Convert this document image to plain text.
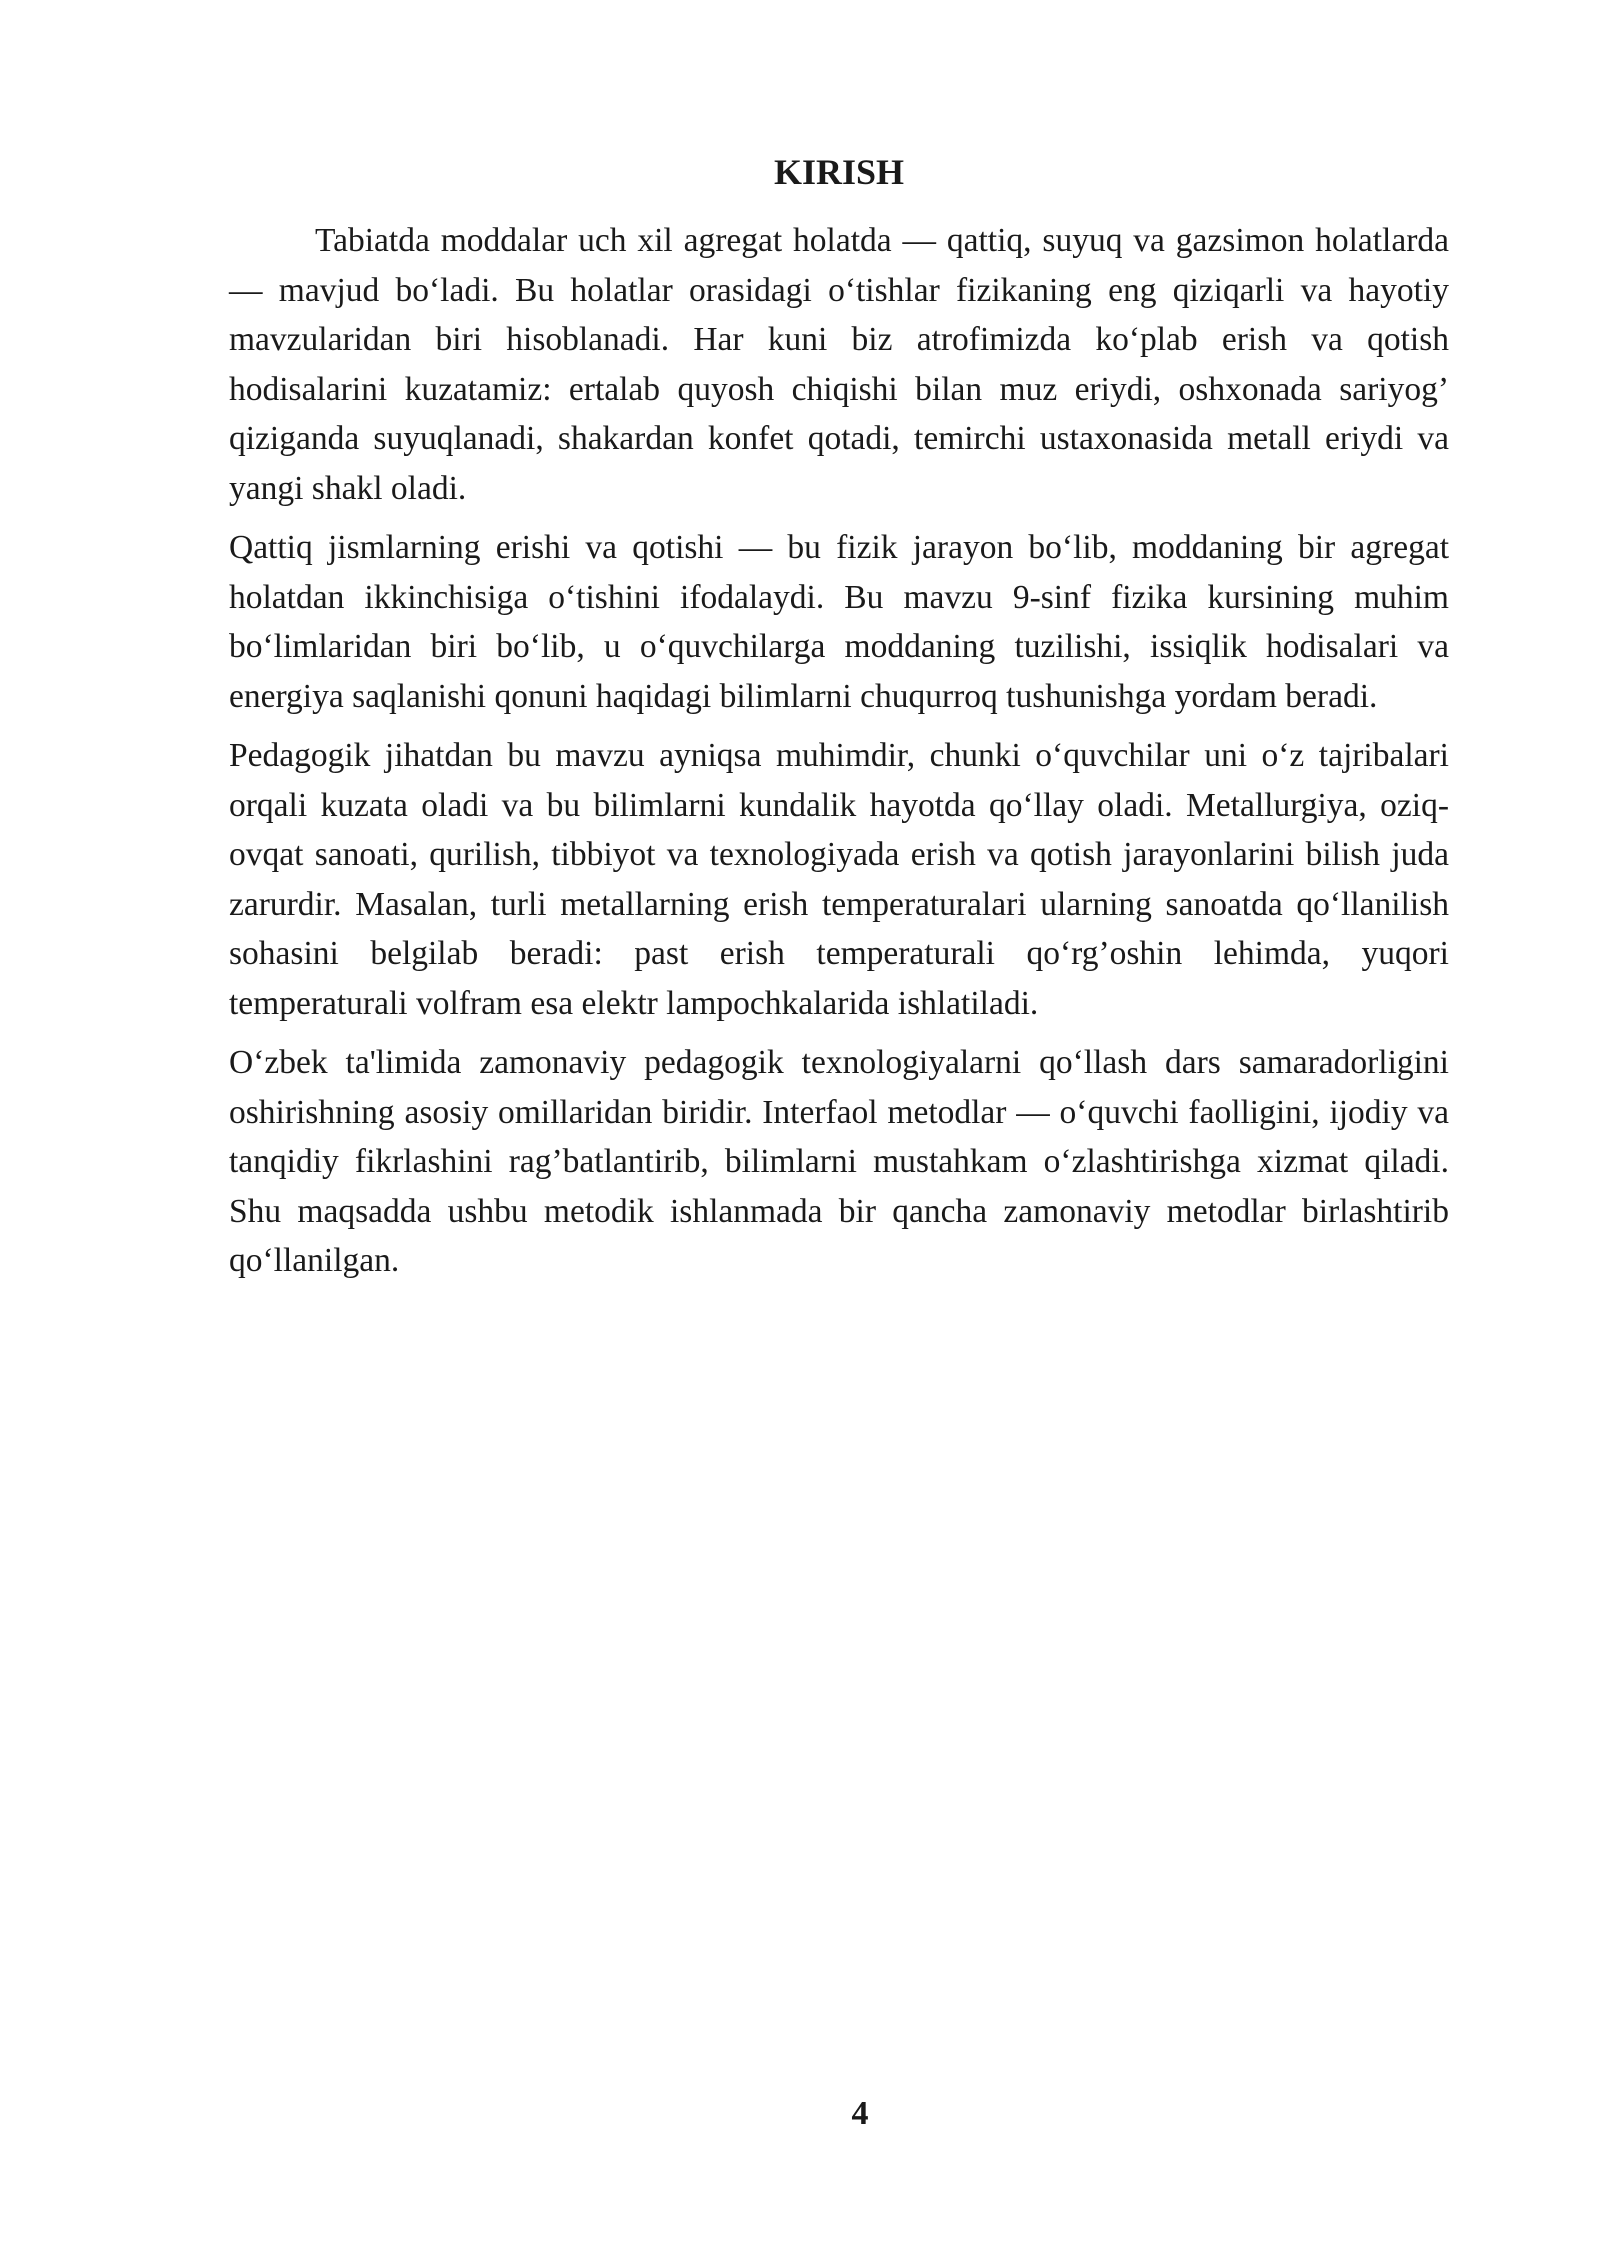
KIRISH

Tabiatda moddalar uch xil agregat holatda — qattiq, suyuq va gazsimon holatlarda — mavjud bo‘ladi. Bu holatlar orasidagi o‘tishlar fizikaning eng qiziqarli va hayotiy mavzularidan biri hisoblanadi. Har kuni biz atrofimizda ko‘plab erish va qotish hodisalarini kuzatamiz: ertalab quyosh chiqishi bilan muz eriydi, oshxonada sariyog’ qiziganda suyuqlanadi, shakardan konfet qotadi, temirchi ustaxonasida metall eriydi va yangi shakl oladi.

Qattiq jismlarning erishi va qotishi — bu fizik jarayon bo‘lib, moddaning bir agregat holatdan ikkinchisiga o‘tishini ifodalaydi. Bu mavzu 9-sinf fizika kursining muhim bo‘limlaridan biri bo‘lib, u o‘quvchilarga moddaning tuzilishi, issiqlik hodisalari va energiya saqlanishi qonuni haqidagi bilimlarni chuqurroq tushunishga yordam beradi.

Pedagogik jihatdan bu mavzu ayniqsa muhimdir, chunki o‘quvchilar uni o‘z tajribalari orqali kuzata oladi va bu bilimlarni kundalik hayotda qo‘llay oladi. Metallurgiya, oziq-ovqat sanoati, qurilish, tibbiyot va texnologiyada erish va qotish jarayonlarini bilish juda zarurdir. Masalan, turli metallarning erish temperaturalari ularning sanoatda qo‘llanilish sohasini belgilab beradi: past erish temperaturali qo‘rg’oshin lehimda, yuqori temperaturali volfram esa elektr lampochkalarida ishlatiladi.

O‘zbek ta'limida zamonaviy pedagogik texnologiyalarni qo‘llash dars samaradorligini oshirishning asosiy omillaridan biridir. Interfaol metodlar — o‘quvchi faolligini, ijodiy va tanqidiy fikrlashini rag’batlantirib, bilimlarni mustahkam o‘zlashtirishga xizmat qiladi. Shu maqsadda ushbu metodik ishlanmada bir qancha zamonaviy metodlar birlashtirib qo‘llanilgan.

4
